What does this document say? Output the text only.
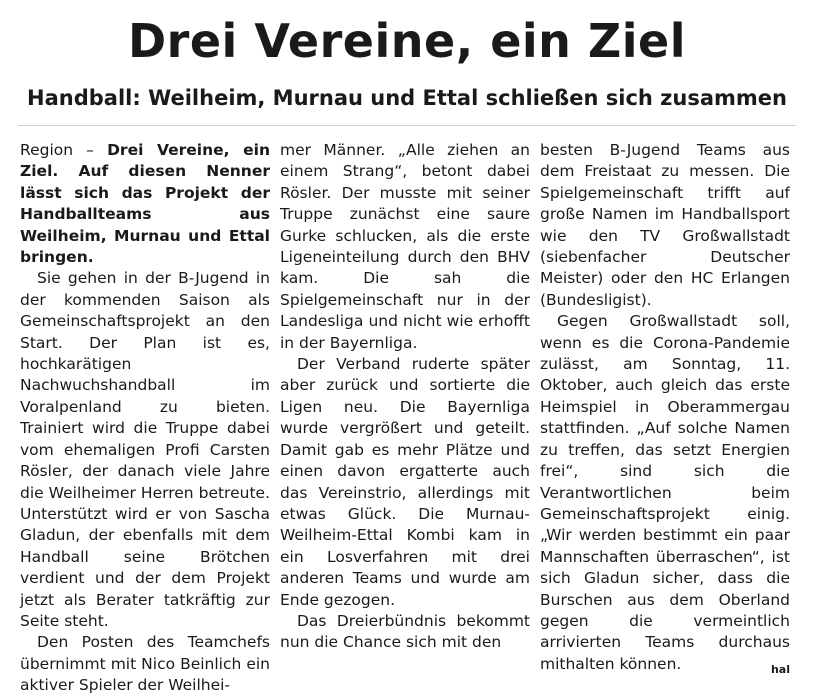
Drei Vereine, ein Ziel
Handball: Weilheim, Murnau und Ettal schließen sich zusammen

Region – Drei Vereine, ein Ziel. Auf diesen Nenner lässt sich das Projekt der Handballteams aus Weilheim, Murnau und Ettal bringen.

Sie gehen in der B-Jugend in der kommenden Saison als Gemeinschaftsprojekt an den Start. Der Plan ist es, hochkarätigen Nachwuchshandball im Voralpenland zu bieten. Trainiert wird die Truppe dabei vom ehemaligen Profi Carsten Rösler, der danach viele Jahre die Weilheimer Herren betreute. Unterstützt wird er von Sascha Gladun, der ebenfalls mit dem Handball seine Brötchen verdient und der dem Projekt jetzt als Berater tatkräftig zur Seite steht.

Den Posten des Teamchefs übernimmt mit Nico Beinlich ein aktiver Spieler der Weilhei-

mer Männer. „Alle ziehen an einem Strang“, betont dabei Rösler. Der musste mit seiner Truppe zunächst eine saure Gurke schlucken, als die erste Ligeneinteilung durch den BHV kam. Die sah die Spielgemeinschaft nur in der Landesliga und nicht wie erhofft in der Bayernliga.

Der Verband ruderte später aber zurück und sortierte die Ligen neu. Die Bayernliga wurde vergrößert und geteilt. Damit gab es mehr Plätze und einen davon ergatterte auch das Vereinstrio, allerdings mit etwas Glück. Die Murnau-Weilheim-Ettal Kombi kam in ein Losverfahren mit drei anderen Teams und wurde am Ende gezogen.

Das Dreierbündnis bekommt nun die Chance sich mit den

besten B-Jugend Teams aus dem Freistaat zu messen. Die Spielgemeinschaft trifft auf große Namen im Handballsport wie den TV Großwallstadt (siebenfacher Deutscher Meister) oder den HC Erlangen (Bundesligist).

Gegen Großwallstadt soll, wenn es die Corona-Pandemie zulässt, am Sonntag, 11. Oktober, auch gleich das erste Heimspiel in Oberammergau stattfinden. „Auf solche Namen zu treffen, das setzt Energien frei“, sind sich die Verantwortlichen beim Gemeinschaftsprojekt einig. „Wir werden bestimmt ein paar Mannschaften überraschen“, ist sich Gladun sicher, dass die Burschen aus dem Oberland gegen die vermeintlich arrivierten Teams durchaus mithalten können.	hal
